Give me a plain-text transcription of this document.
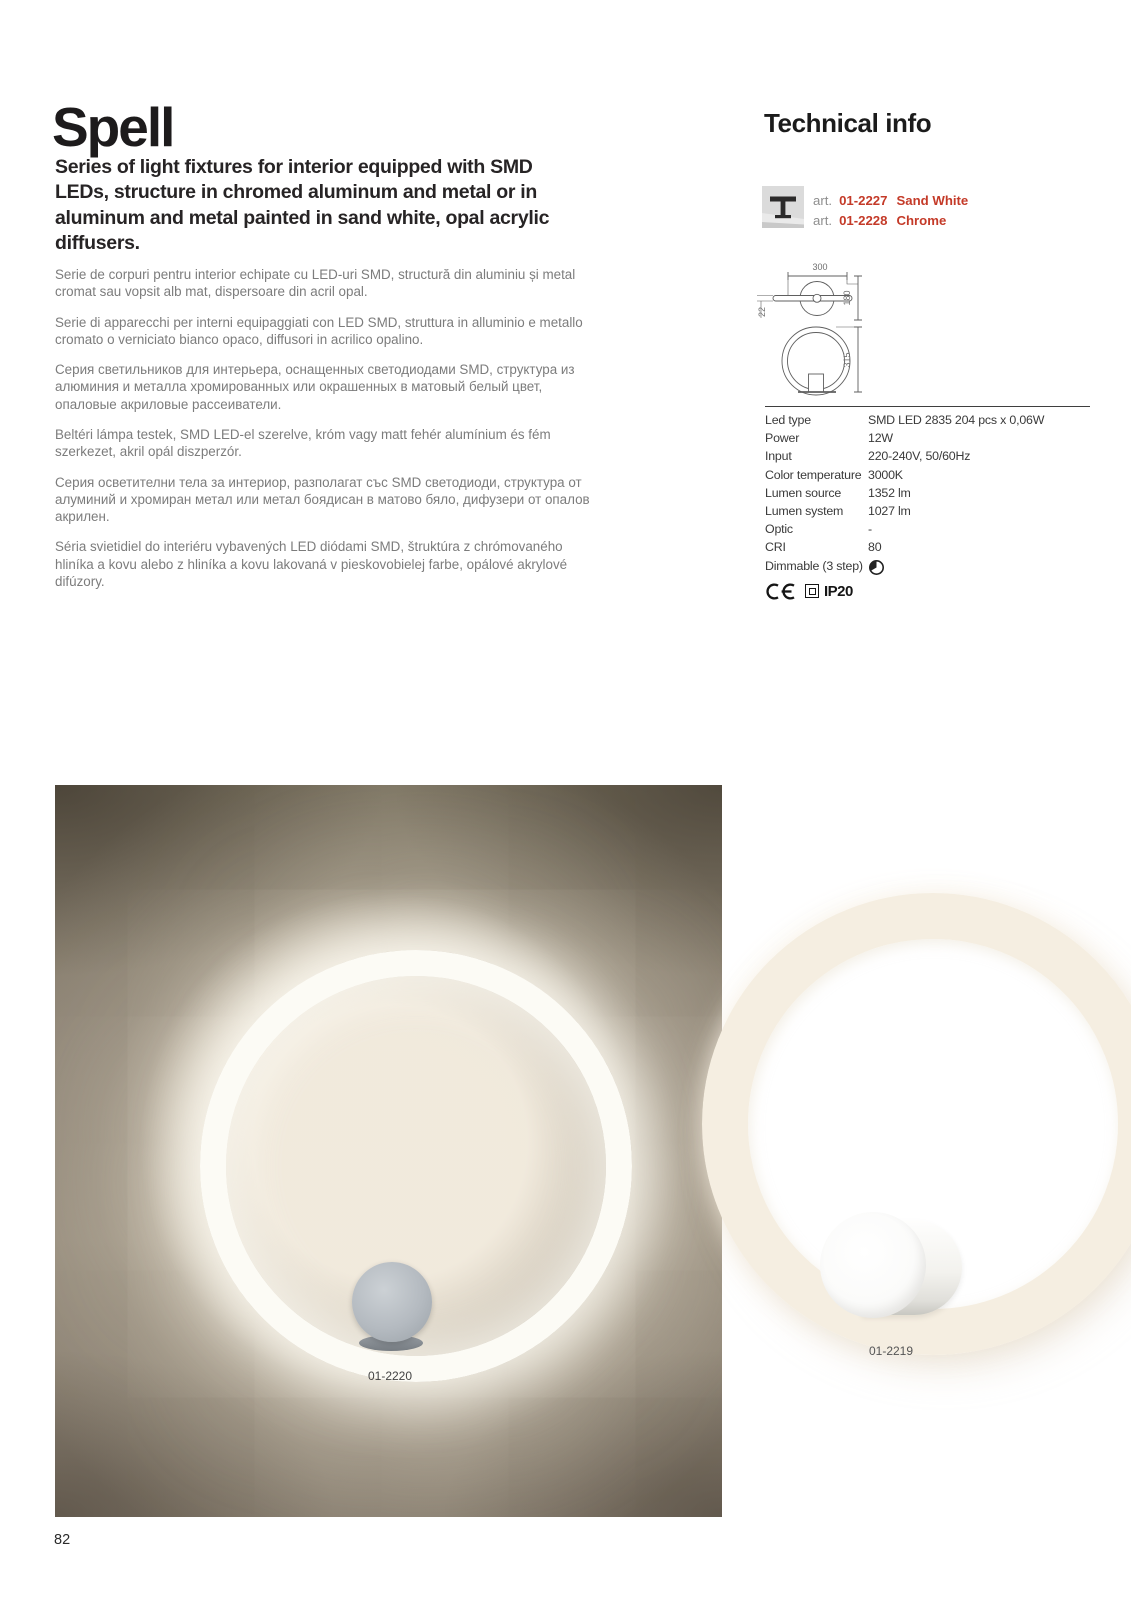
Spell
Series of light fixtures for interior equipped with SMD LEDs, structure in chromed aluminum and metal or in aluminum and metal painted in sand white, opal acrylic diffusers.

Serie de corpuri pentru interior echipate cu LED-uri SMD, structură din aluminiu și metal cromat sau vopsit alb mat, dispersoare din acril opal.

Serie di apparecchi per interni equipaggiati con LED SMD, struttura in alluminio e metallo cromato o verniciato bianco opaco, diffusori in acrilico opalino.

Серия светильников для интерьера, оснащенных светодиодами SMD, структура из алюминия и металла хромированных или окрашенных в матовый белый цвет, опаловые акриловые рассеиватели.

Beltéri lámpa testek, SMD LED-el szerelve, króm vagy matt fehér alumínium és fém szerkezet, akril opál diszperzór.

Серия осветителни тела за интериор, разполагат със SMD светодиоди, структура от алуминий и хромиран метал или метал боядисан в матово бяло, дифузери от опалов акрилен.

Séria svietidiel do interiéru vybavených LED diódami SMD, štruktúra z chrómovaného hliníka a kovu alebo z hliníka a kovu lakovaná v pieskovobielej farbe, opálové akrylové difúzory.

Technical info
art. 01-2227 Sand White
art. 01-2228 Chrome
300
180
22
315
Led type	SMD LED 2835 204 pcs x 0,06W
Power	12W
Input	220-240V, 50/60Hz
Color temperature 3000K
Lumen source	1352 lm
Lumen system	1027 lm
Optic	-
CRI	80
Dimmable (3 step)
IP20
01-2220
01-2219
82
